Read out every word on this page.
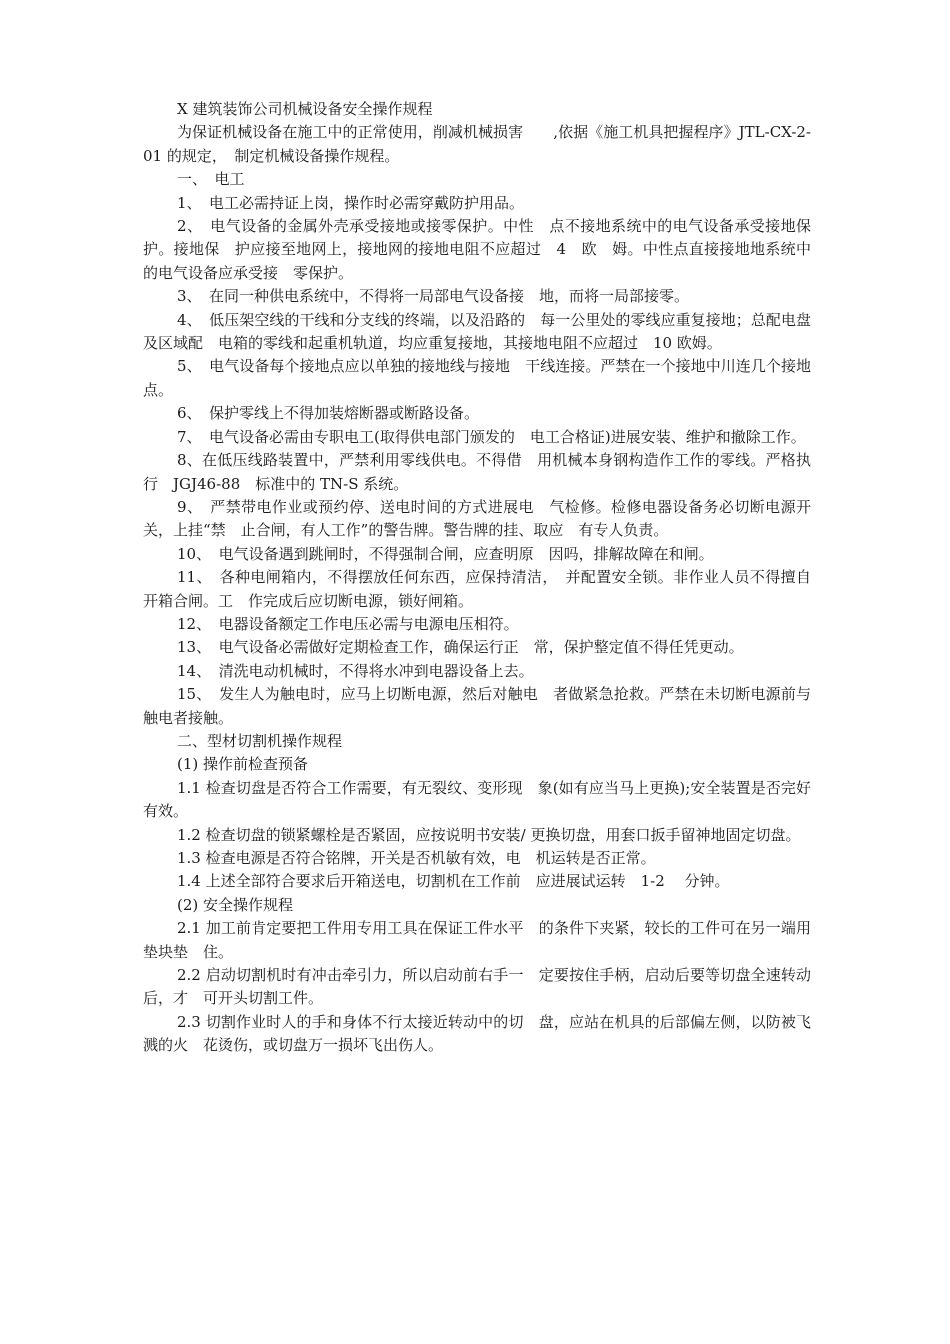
X 建筑装饰公司机械设备安全操作规程

为保证机械设备在施工中的正常使用，削减机械损害　　,依据《施工机具把握程序》JTL-CX-2-01 的规定，　制定机械设备操作规程。

一、　电工

1、　电工必需持证上岗，操作时必需穿戴防护用品。

2、　电气设备的金属外壳承受接地或接零保护。中性　点不接地系统中的电气设备承受接地保护。接地保　护应接至地网上，接地网的接地电阻不应超过　4　欧　姆。中性点直接接地地系统中的电气设备应承受接　零保护。

3、　在同一种供电系统中，不得将一局部电气设备接　地，而将一局部接零。

4、　低压架空线的干线和分支线的终端，以及沿路的　每一公里处的零线应重复接地；总配电盘及区域配　电箱的零线和起重机轨道，均应重复接地，其接地电阻不应超过　10 欧姆。

5、　电气设备每个接地点应以单独的接地线与接地　干线连接。严禁在一个接地中川连几个接地点。

6、　保护零线上不得加装熔断器或断路设备。

7、　电气设备必需由专职电工(取得供电部门颁发的　电工合格证)进展安装、维护和撤除工作。

8、在低压线路装置中，严禁利用零线供电。不得借　用机械本身钢构造作工作的零线。严格执行　JGJ46-88　标准中的 TN-S 系统。

9、　严禁带电作业或预约停、送电时间的方式进展电　气检修。检修电器设备务必切断电源开关，上挂“禁　止合闸，有人工作”的警告牌。警告牌的挂、取应　有专人负责。

10、　电气设备遇到跳闸时，不得强制合闸，应查明原　因吗，排解故障在和闸。

11、　各种电闸箱内，不得摆放任何东西，应保持清洁，　并配置安全锁。非作业人员不得擅自开箱合闸。工　作完成后应切断电源，锁好闸箱。

12、　电器设备额定工作电压必需与电源电压相符。

13、　电气设备必需做好定期检查工作，确保运行正　常，保护整定值不得任凭更动。

14、　清洗电动机械时，不得将水冲到电器设备上去。

15、　发生人为触电时，应马上切断电源，然后对触电　者做紧急抢救。严禁在未切断电源前与触电者接触。

二、型材切割机操作规程

(1) 操作前检查预备

1.1 检查切盘是否符合工作需要，有无裂纹、变形现　象(如有应当马上更换);安全装置是否完好有效。

1.2 检查切盘的锁紧螺栓是否紧固，应按说明书安装/ 更换切盘，用套口扳手留神地固定切盘。

1.3 检查电源是否符合铭牌，开关是否机敏有效，电　机运转是否正常。

1.4 上述全部符合要求后开箱送电，切割机在工作前　应进展试运转　1-2　 分钟。

(2) 安全操作规程

2.1 加工前肯定要把工件用专用工具在保证工件水平　的条件下夹紧，较长的工件可在另一端用垫块垫　住。

2.2 启动切割机时有冲击牵引力，所以启动前右手一　定要按住手柄，启动后要等切盘全速转动后，才　可开头切割工件。

2.3 切割作业时人的手和身体不行太接近转动中的切　盘，应站在机具的后部偏左侧，以防被飞溅的火　花烫伤，或切盘万一损坏飞出伤人。
